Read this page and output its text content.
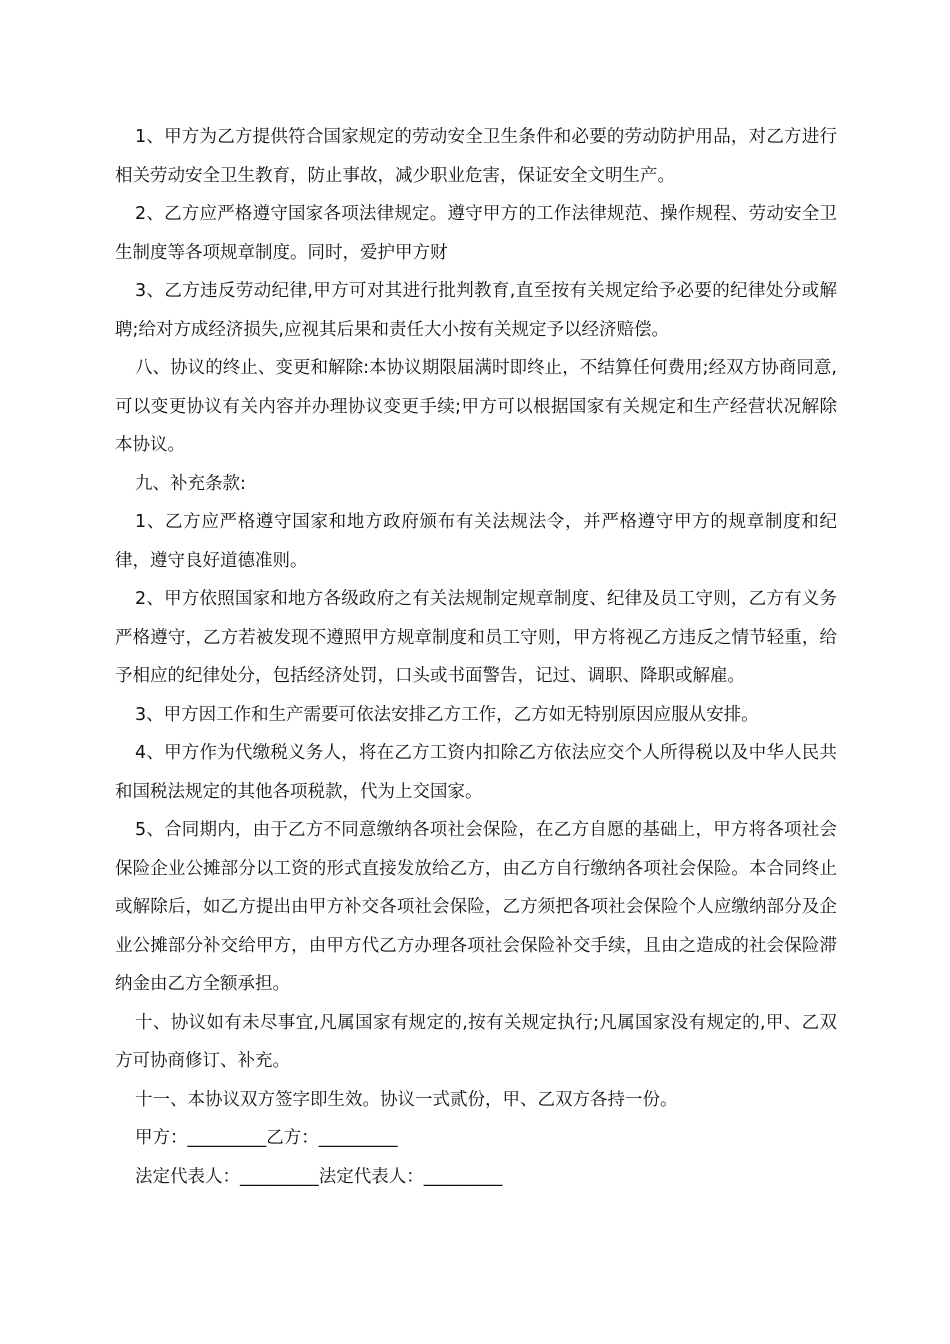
1、甲方为乙方提供符合国家规定的劳动安全卫生条件和必要的劳动防护用品，对乙方进行相关劳动安全卫生教育，防止事故，减少职业危害，保证安全文明生产。

2、乙方应严格遵守国家各项法律规定。遵守甲方的工作法律规范、操作规程、劳动安全卫生制度等各项规章制度。同时，爱护甲方财

3、乙方违反劳动纪律,甲方可对其进行批判教育,直至按有关规定给予必要的纪律处分或解聘;给对方成经济损失,应视其后果和责任大小按有关规定予以经济赔偿。

八、协议的终止、变更和解除:本协议期限届满时即终止，不结算任何费用;经双方协商同意,可以变更协议有关内容并办理协议变更手续;甲方可以根据国家有关规定和生产经营状况解除本协议。

九、补充条款:

1、乙方应严格遵守国家和地方政府颁布有关法规法令，并严格遵守甲方的规章制度和纪律，遵守良好道德准则。

2、甲方依照国家和地方各级政府之有关法规制定规章制度、纪律及员工守则，乙方有义务严格遵守，乙方若被发现不遵照甲方规章制度和员工守则，甲方将视乙方违反之情节轻重，给予相应的纪律处分，包括经济处罚，口头或书面警告，记过、调职、降职或解雇。

3、甲方因工作和生产需要可依法安排乙方工作，乙方如无特别原因应服从安排。

4、甲方作为代缴税义务人，将在乙方工资内扣除乙方依法应交个人所得税以及中华人民共和国税法规定的其他各项税款，代为上交国家。

5、合同期内，由于乙方不同意缴纳各项社会保险，在乙方自愿的基础上，甲方将各项社会保险企业公摊部分以工资的形式直接发放给乙方，由乙方自行缴纳各项社会保险。本合同终止或解除后，如乙方提出由甲方补交各项社会保险，乙方须把各项社会保险个人应缴纳部分及企业公摊部分补交给甲方，由甲方代乙方办理各项社会保险补交手续，且由之造成的社会保险滞纳金由乙方全额承担。

十、协议如有未尽事宜,凡属国家有规定的,按有关规定执行;凡属国家没有规定的,甲、乙双方可协商修订、补充。

十一、本协议双方签字即生效。协议一式贰份，甲、乙双方各持一份。

甲方：_________乙方：_________

法定代表人：_________法定代表人：_________
